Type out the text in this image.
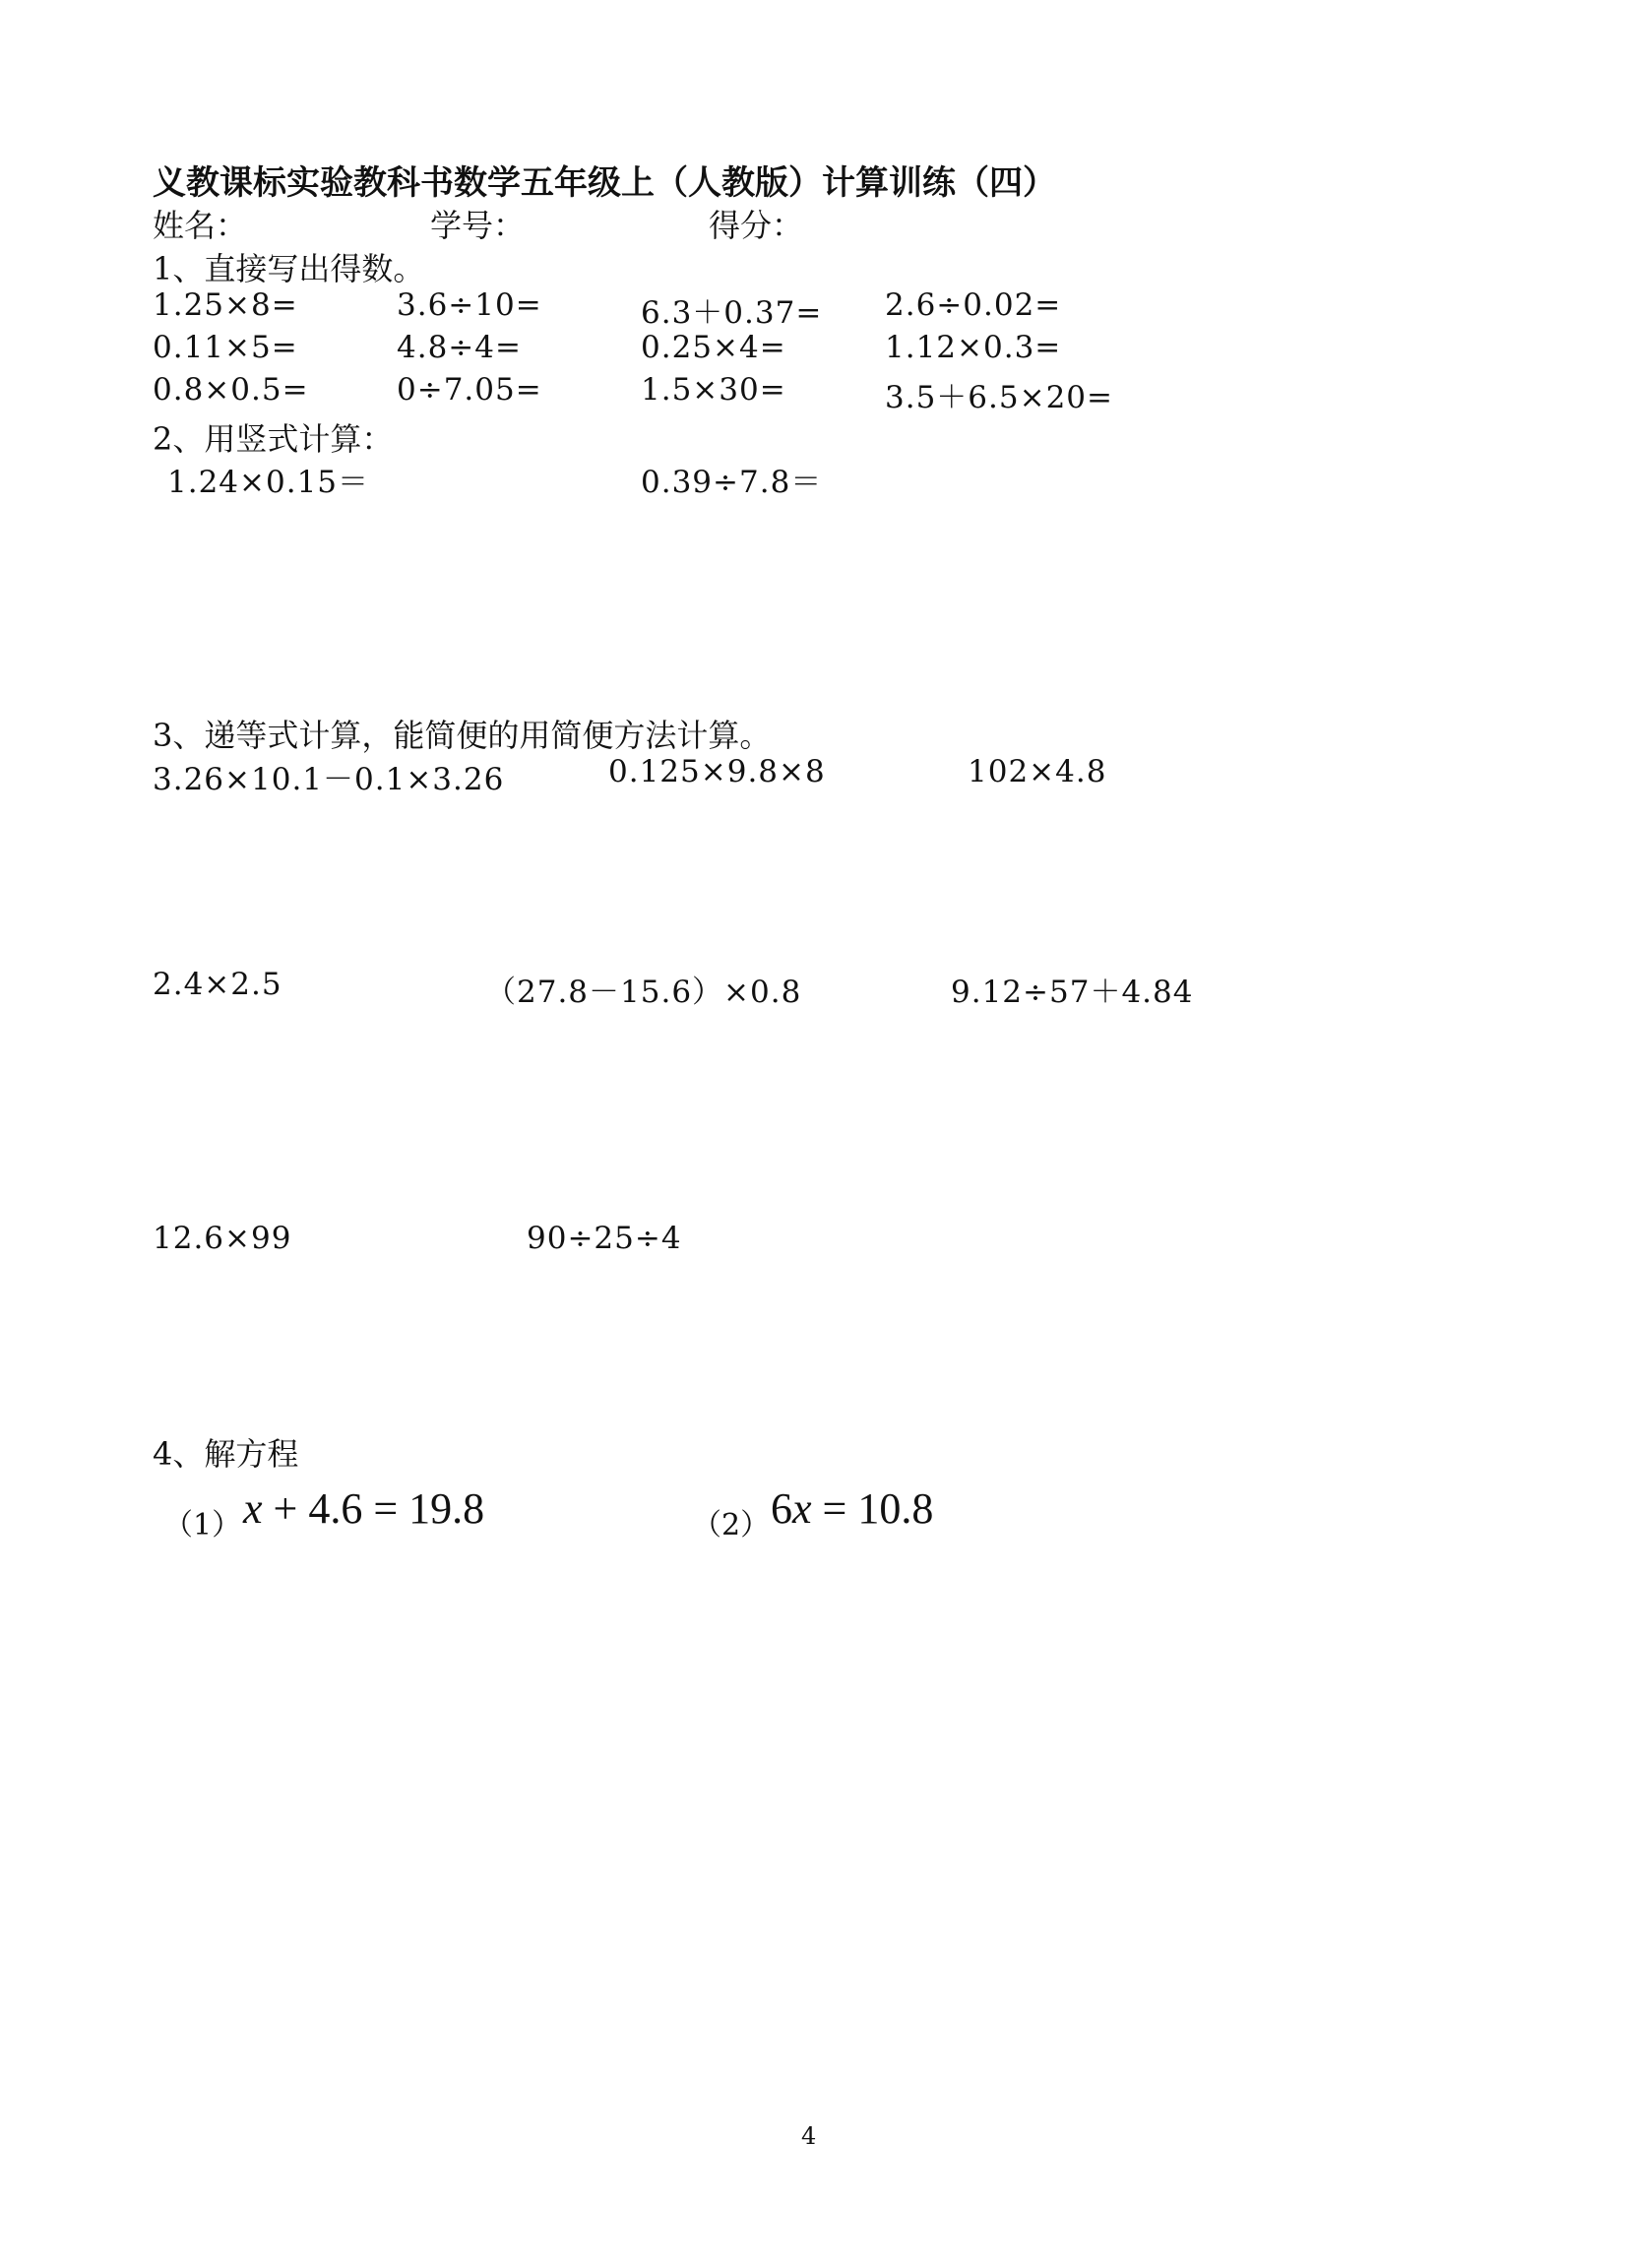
义教课标实验教科书数学五年级上（人教版）计算训练（四）
姓名：	学号：	得分：
1、直接写出得数。
1.25×8=	3.6÷10=	6.3＋0.37= 2.6÷0.02=
0.11×5=	4.8÷4=	0.25×4=	1.12×0.3=
0.8×0.5=	0÷7.05=	1.5×30=	3.5＋6.5×20=
2、用竖式计算：
1.24×0.15＝	0.39÷7.8＝
3、递等式计算，能简便的用简便方法计算。
3.26×10.1－0.1×3.26	0.125×9.8×8	102×4.8
2.4×2.5	（27.8－15.6）×0.8	9.12÷57＋4.84
12.6×99	90÷25÷4
4、解方程
（1） x + 4.6 = 19.8	（2） 6x = 10.8
4
